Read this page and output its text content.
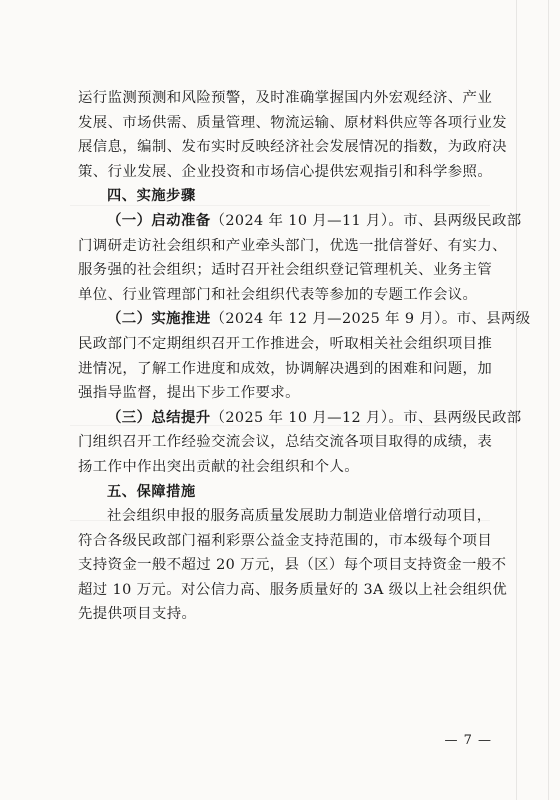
运行监测预测和风险预警，及时准确掌握国内外宏观经济、产业
发展、市场供需、质量管理、物流运输、原材料供应等各项行业发
展信息，编制、发布实时反映经济社会发展情况的指数，为政府决
策、行业发展、企业投资和市场信心提供宏观指引和科学参照。
四、实施步骤
（一）启动准备（2024 年 10 月—11 月）。市、县两级民政部
门调研走访社会组织和产业牵头部门，优选一批信誉好、有实力、
服务强的社会组织；适时召开社会组织登记管理机关、业务主管
单位、行业管理部门和社会组织代表等参加的专题工作会议。
（二）实施推进（2024 年 12 月—2025 年 9 月）。市、县两级
民政部门不定期组织召开工作推进会，听取相关社会组织项目推
进情况，了解工作进度和成效，协调解决遇到的困难和问题，加
强指导监督，提出下步工作要求。
（三）总结提升（2025 年 10 月—12 月）。市、县两级民政部
门组织召开工作经验交流会议，总结交流各项目取得的成绩，表
扬工作中作出突出贡献的社会组织和个人。
五、保障措施
社会组织申报的服务高质量发展助力制造业倍增行动项目，
符合各级民政部门福利彩票公益金支持范围的，市本级每个项目
支持资金一般不超过 20 万元，县（区）每个项目支持资金一般不
超过 10 万元。对公信力高、服务质量好的 3A 级以上社会组织优
先提供项目支持。
— 7 —
